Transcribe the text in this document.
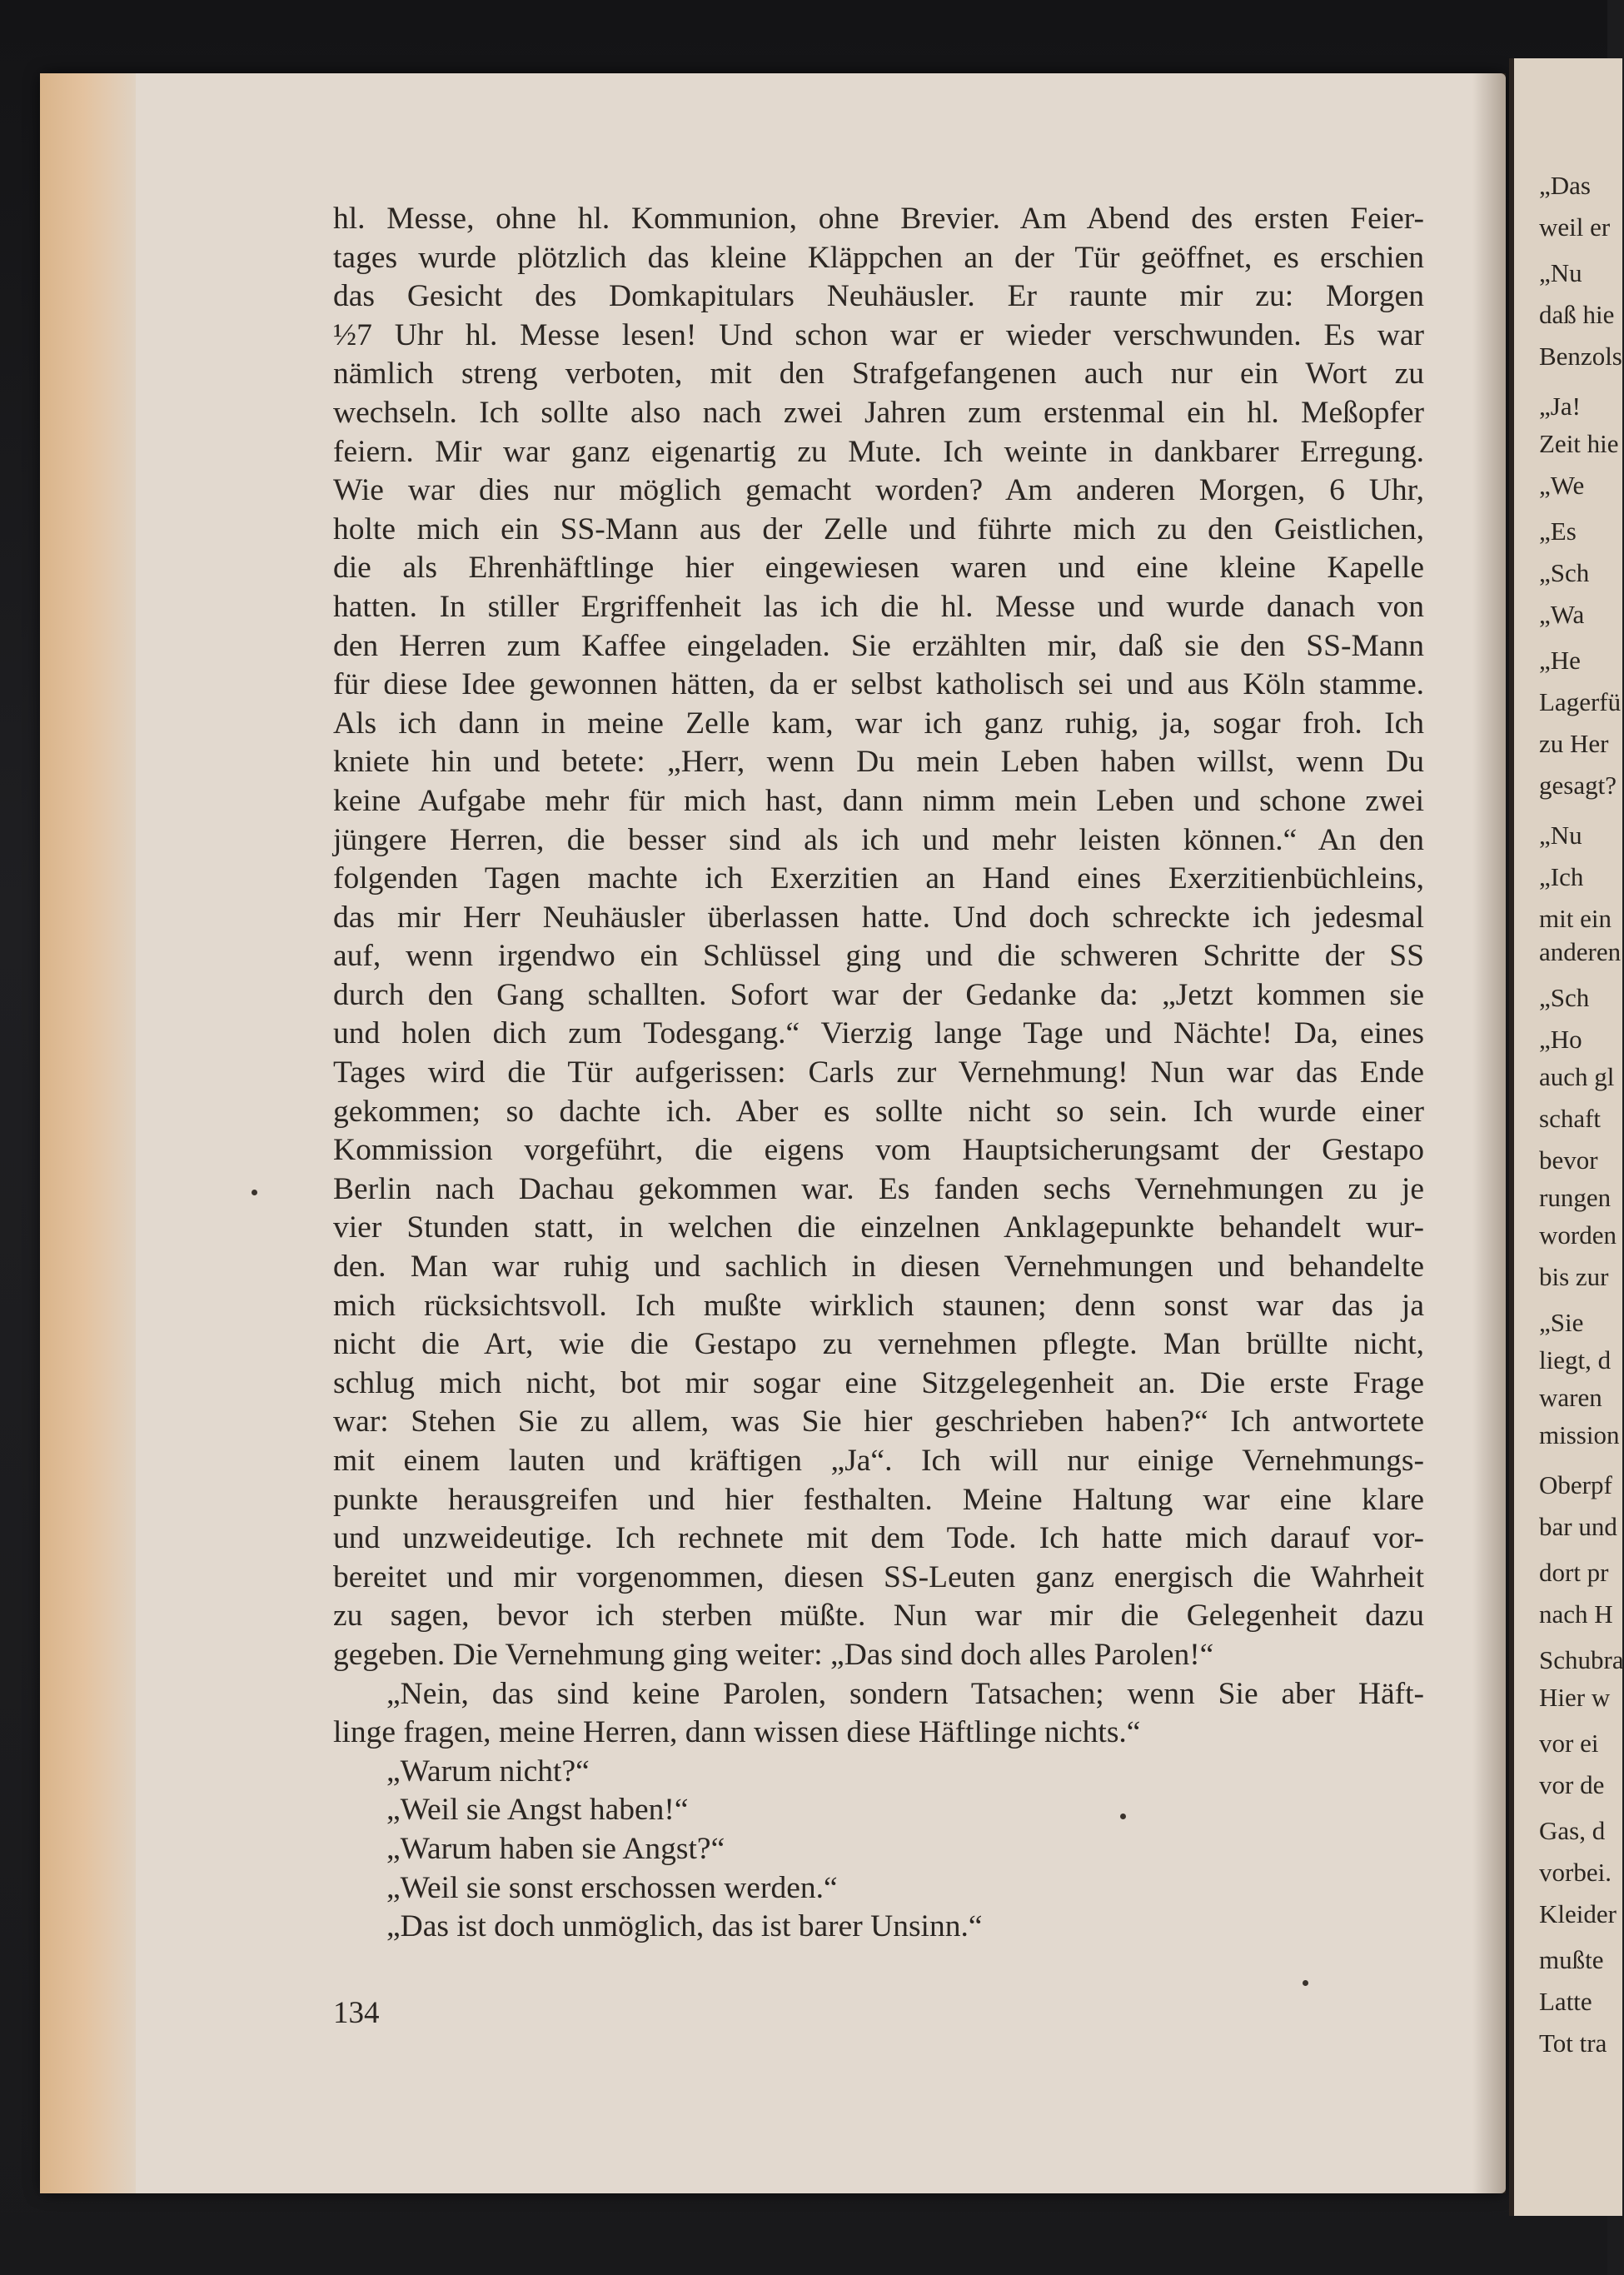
„Das
weil er
„Nu
daß hie
Benzols
„Ja!
Zeit hie
„We
„Es
„Sch
„Wa
„He
Lagerfü
zu Her
gesagt?
„Nu
„Ich
mit ein
anderen
„Sch
„Ho
auch gl
schaft
bevor
rungen
worden
bis zur
„Sie
liegt, d
waren
mission
Oberpf
bar und
dort pr
nach H
Schubra
Hier w
vor ei
vor de
Gas, d
vorbei.
Kleider
mußte
Latte
Tot tra
hl. Messe, ohne hl. Kommunion, ohne Brevier. Am Abend des ersten Feier-
tages wurde plötzlich das kleine Kläppchen an der Tür geöffnet, es erschien
das Gesicht des Domkapitulars Neuhäusler. Er raunte mir zu: Morgen
½7 Uhr hl. Messe lesen! Und schon war er wieder verschwunden. Es war
nämlich streng verboten, mit den Strafgefangenen auch nur ein Wort zu
wechseln. Ich sollte also nach zwei Jahren zum erstenmal ein hl. Meßopfer
feiern. Mir war ganz eigenartig zu Mute. Ich weinte in dankbarer Erregung.
Wie war dies nur möglich gemacht worden? Am anderen Morgen, 6 Uhr,
holte mich ein SS-Mann aus der Zelle und führte mich zu den Geistlichen,
die als Ehrenhäftlinge hier eingewiesen waren und eine kleine Kapelle
hatten. In stiller Ergriffenheit las ich die hl. Messe und wurde danach von
den Herren zum Kaffee eingeladen. Sie erzählten mir, daß sie den SS-Mann
für diese Idee gewonnen hätten, da er selbst katholisch sei und aus Köln stamme.
Als ich dann in meine Zelle kam, war ich ganz ruhig, ja, sogar froh. Ich
kniete hin und betete: „Herr, wenn Du mein Leben haben willst, wenn Du
keine Aufgabe mehr für mich hast, dann nimm mein Leben und schone zwei
jüngere Herren, die besser sind als ich und mehr leisten können.“ An den
folgenden Tagen machte ich Exerzitien an Hand eines Exerzitienbüchleins,
das mir Herr Neuhäusler überlassen hatte. Und doch schreckte ich jedesmal
auf, wenn irgendwo ein Schlüssel ging und die schweren Schritte der SS
durch den Gang schallten. Sofort war der Gedanke da: „Jetzt kommen sie
und holen dich zum Todesgang.“ Vierzig lange Tage und Nächte! Da, eines
Tages wird die Tür aufgerissen: Carls zur Vernehmung! Nun war das Ende
gekommen; so dachte ich. Aber es sollte nicht so sein. Ich wurde einer
Kommission vorgeführt, die eigens vom Hauptsicherungsamt der Gestapo
Berlin nach Dachau gekommen war. Es fanden sechs Vernehmungen zu je
vier Stunden statt, in welchen die einzelnen Anklagepunkte behandelt wur-
den. Man war ruhig und sachlich in diesen Vernehmungen und behandelte
mich rücksichtsvoll. Ich mußte wirklich staunen; denn sonst war das ja
nicht die Art, wie die Gestapo zu vernehmen pflegte. Man brüllte nicht,
schlug mich nicht, bot mir sogar eine Sitzgelegenheit an. Die erste Frage
war: Stehen Sie zu allem, was Sie hier geschrieben haben?“ Ich antwortete
mit einem lauten und kräftigen „Ja“. Ich will nur einige Vernehmungs-
punkte herausgreifen und hier festhalten. Meine Haltung war eine klare
und unzweideutige. Ich rechnete mit dem Tode. Ich hatte mich darauf vor-
bereitet und mir vorgenommen, diesen SS-Leuten ganz energisch die Wahrheit
zu sagen, bevor ich sterben müßte. Nun war mir die Gelegenheit dazu
gegeben. Die Vernehmung ging weiter: „Das sind doch alles Parolen!“
„Nein, das sind keine Parolen, sondern Tatsachen; wenn Sie aber Häft-
linge fragen, meine Herren, dann wissen diese Häftlinge nichts.“
„Warum nicht?“
„Weil sie Angst haben!“
„Warum haben sie Angst?“
„Weil sie sonst erschossen werden.“
„Das ist doch unmöglich, das ist barer Unsinn.“
134
